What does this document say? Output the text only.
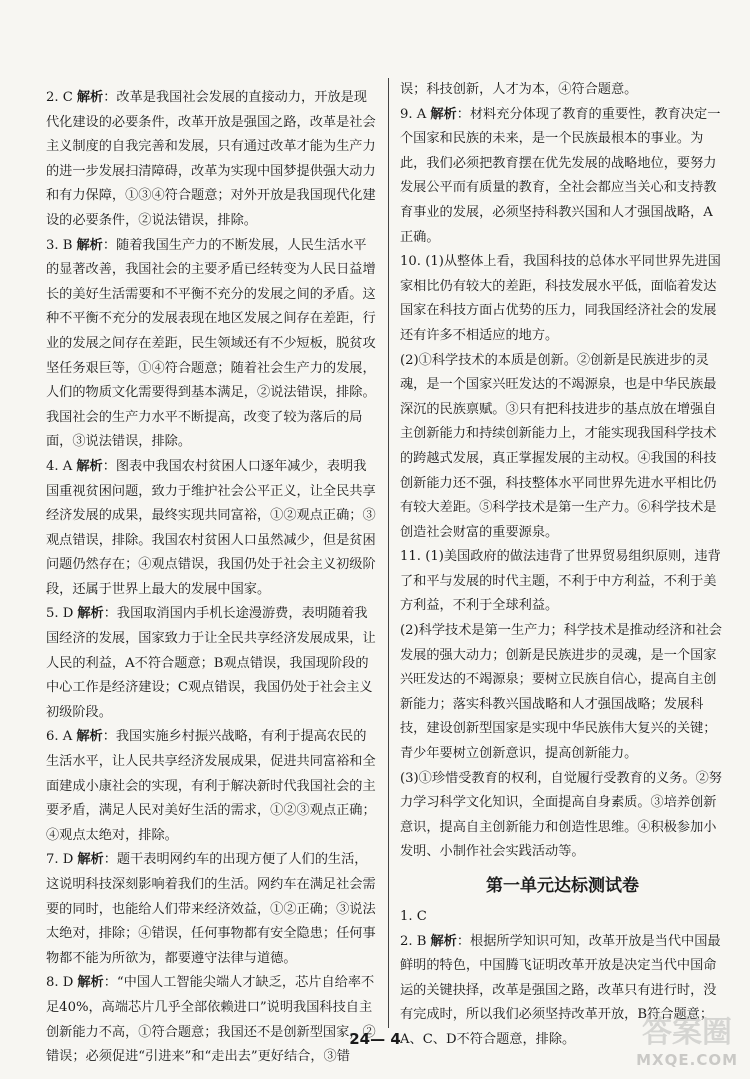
2. C 解析：改革是我国社会发展的直接动力，开放是现代化建设的必要条件，改革开放是强国之路，改革是社会主义制度的自我完善和发展，只有通过改革才能为生产力的进一步发展扫清障碍，改革为实现中国梦提供强大动力和有力保障，①③④符合题意；对外开放是我国现代化建设的必要条件，②说法错误，排除。
3. B 解析：随着我国生产力的不断发展，人民生活水平的显著改善，我国社会的主要矛盾已经转变为人民日益增长的美好生活需要和不平衡不充分的发展之间的矛盾。这种不平衡不充分的发展表现在地区发展之间存在差距，行业的发展之间存在差距，民生领域还有不少短板，脱贫攻坚任务艰巨等，①④符合题意；随着社会生产力的发展，人们的物质文化需要得到基本满足，②说法错误，排除。我国社会的生产力水平不断提高，改变了较为落后的局面，③说法错误，排除。
4. A 解析：图表中我国农村贫困人口逐年减少，表明我国重视贫困问题，致力于维护社会公平正义，让全民共享经济发展的成果，最终实现共同富裕，①②观点正确；③观点错误，排除。我国农村贫困人口虽然减少，但是贫困问题仍然存在；④观点错误，我国仍处于社会主义初级阶段，还属于世界上最大的发展中国家。
5. D 解析：我国取消国内手机长途漫游费，表明随着我国经济的发展，国家致力于让全民共享经济发展成果，让人民的利益，A不符合题意；B观点错误，我国现阶段的中心工作是经济建设；C观点错误，我国仍处于社会主义初级阶段。
6. A 解析：我国实施乡村振兴战略，有利于提高农民的生活水平，让人民共享经济发展成果，促进共同富裕和全面建成小康社会的实现，有利于解决新时代我国社会的主要矛盾，满足人民对美好生活的需求，①②③观点正确；④观点太绝对，排除。
7. D 解析：题干表明网约车的出现方便了人们的生活，这说明科技深刻影响着我们的生活。网约车在满足社会需要的同时，也能给人们带来经济效益，①②正确；③说法太绝对，排除；④错误，任何事物都有安全隐患；任何事物都不能为所欲为，都要遵守法律与道德。
8. D 解析：“中国人工智能尖端人才缺乏，芯片自给率不足40%，高端芯片几乎全部依赖进口”说明我国科技自主创新能力不高，①符合题意；我国还不是创新型国家，②错误；必须促进“引进来”和“走出去”更好结合，③错
误；科技创新，人才为本，④符合题意。
9. A 解析：材料充分体现了教育的重要性，教育决定一个国家和民族的未来，是一个民族最根本的事业。为此，我们必须把教育摆在优先发展的战略地位，要努力发展公平而有质量的教育，全社会都应当关心和支持教育事业的发展，必须坚持科教兴国和人才强国战略，A正确。
10. (1)从整体上看，我国科技的总体水平同世界先进国家相比仍有较大的差距，科技发展水平低，面临着发达国家在科技方面占优势的压力，同我国经济社会的发展还有许多不相适应的地方。
(2)①科学技术的本质是创新。②创新是民族进步的灵魂，是一个国家兴旺发达的不竭源泉，也是中华民族最深沉的民族禀赋。③只有把科技进步的基点放在增强自主创新能力和持续创新能力上，才能实现我国科学技术的跨越式发展，真正掌握发展的主动权。④我国的科技创新能力还不强，科技整体水平同世界先进水平相比仍有较大差距。⑤科学技术是第一生产力。⑥科学技术是创造社会财富的重要源泉。
11. (1)美国政府的做法违背了世界贸易组织原则，违背了和平与发展的时代主题，不利于中方利益，不利于美方利益，不利于全球利益。
(2)科学技术是第一生产力；科学技术是推动经济和社会发展的强大动力；创新是民族进步的灵魂，是一个国家兴旺发达的不竭源泉；要树立民族自信心，提高自主创新能力；落实科教兴国战略和人才强国战略；发展科技，建设创新型国家是实现中华民族伟大复兴的关键；青少年要树立创新意识，提高创新能力。
(3)①珍惜受教育的权利，自觉履行受教育的义务。②努力学习科学文化知识，全面提高自身素质。③培养创新意识，提高自主创新能力和创造性思维。④积极参加小发明、小制作社会实践活动等。
第一单元达标测试卷
1. C
2. B 解析：根据所学知识可知，改革开放是当代中国最鲜明的特色，中国腾飞证明改革开放是决定当代中国命运的关键抉择，改革是强国之路，改革只有进行时，没有完成时，所以我们必须坚持改革开放，B符合题意；A、C、D不符合题意，排除。
24— 4	答案圈
MXQE.COM
